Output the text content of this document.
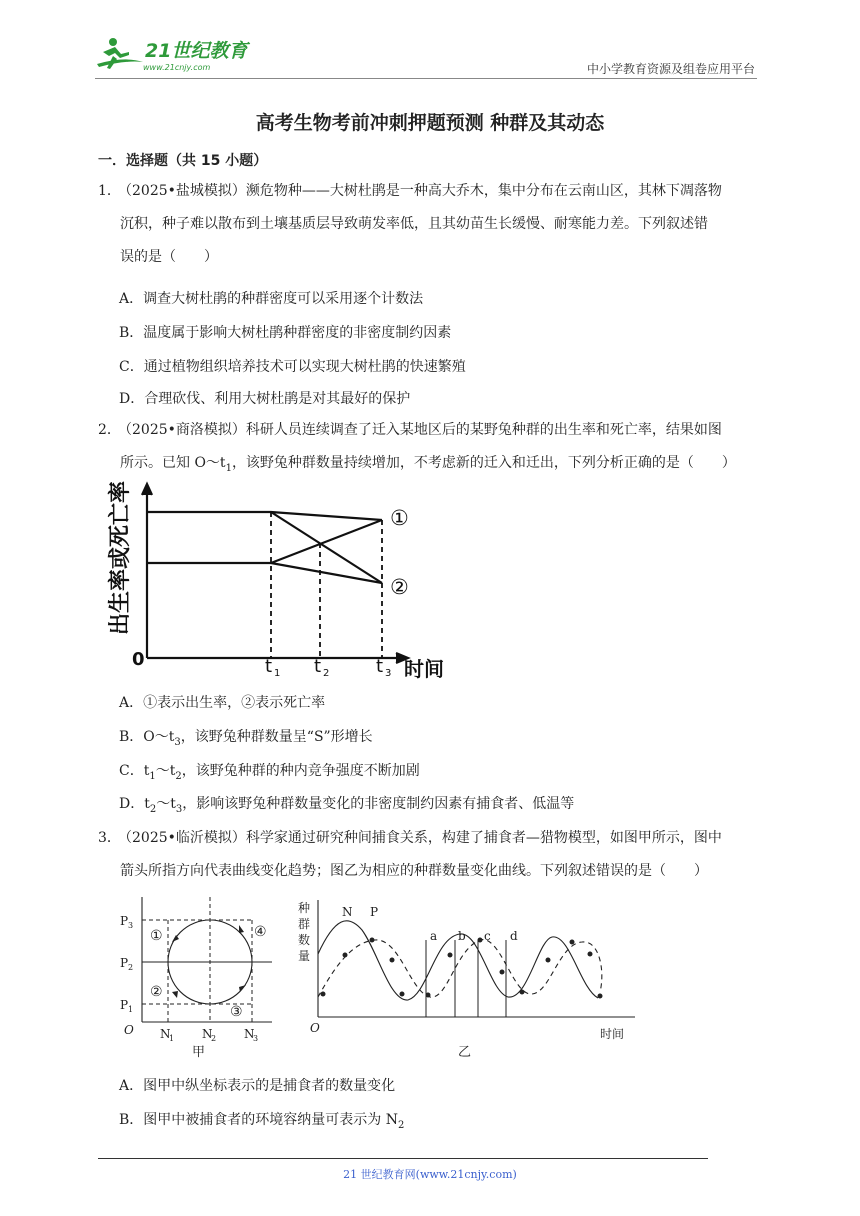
21世纪教育
www.21cnjy.com	中小学教育资源及组卷应用平台
高考生物考前冲刺押题预测 种群及其动态
一．选择题（共 15 小题）
1．（2025•盐城模拟）濒危物种——大树杜鹃是一种高大乔木，集中分布在云南山区，其林下凋落物
沉积，种子难以散布到土壤基质层导致萌发率低，且其幼苗生长缓慢、耐寒能力差。下列叙述错
误的是（　　）
A．调查大树杜鹃的种群密度可以采用逐个计数法
B．温度属于影响大树杜鹃种群密度的非密度制约因素
C．通过植物组织培养技术可以实现大树杜鹃的快速繁殖
D．合理砍伐、利用大树杜鹃是对其最好的保护
2．（2025•商洛模拟）科研人员连续调查了迁入某地区后的某野兔种群的出生率和死亡率，结果如图
所示。已知 $O\sim t_1$，该野兔种群数量持续增加，不考虑新的迁入和迁出，下列分析正确的是（　　）
出生率或死亡率
0
①
②
t 1 t 2	t 3 时间
A．①表示出生率，②表示死亡率
B．$O\sim t_3$，该野兔种群数量呈“S”形增长
C．$t_1\sim t_2$，该野兔种群的种内竞争强度不断加剧
D．$t_2\sim t_3$，影响该野兔种群数量变化的非密度制约因素有捕食者、低温等
3．（2025•临沂模拟）科学家通过研究种间捕食关系，构建了捕食者—猎物模型，如图甲所示，图中
箭头所指方向代表曲线变化趋势；图乙为相应的种群数量变化曲线。下列叙述错误的是（　　）
P 3
P 2
P 1
N
1 N
2 N
3
O
①
②
③
④
甲
种
群
数
量
N P
a b c d
O	时间
乙
A．图甲中纵坐标表示的是捕食者的数量变化
B．图甲中被捕食者的环境容纳量可表示为 $N_2$
21 世纪教育网(www.21cnjy.com)
